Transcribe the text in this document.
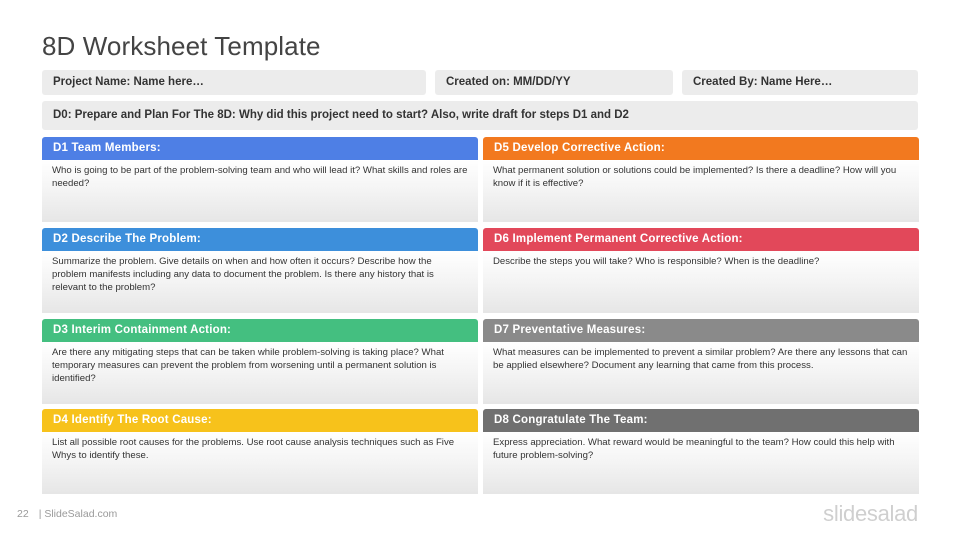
8D Worksheet Template
Project Name: Name here…	Created on: MM/DD/YY	Created By: Name Here…
D0: Prepare and Plan For The 8D: Why did this project need to start? Also, write draft for steps D1 and D2
D1 Team Members:
Who is going to be part of the problem-solving team and who will lead it? What skills and roles are needed?
D5 Develop Corrective Action:
What permanent solution or solutions could be implemented? Is there a deadline? How will you know if it is effective?
D2 Describe The Problem:
Summarize the problem. Give details on when and how often it occurs? Describe how the problem manifests including any data to document the problem. Is there any history that is relevant to the problem?
D6 Implement Permanent Corrective Action:
Describe the steps you will take? Who is responsible? When is the deadline?
D3 Interim Containment Action:
Are there any mitigating steps that can be taken while problem-solving is taking place? What temporary measures can prevent the problem from worsening until a permanent solution is identified?
D7 Preventative Measures:
What measures can be implemented to prevent a similar problem? Are there any lessons that can be applied elsewhere? Document any learning that came from this process.
D4 Identify The Root Cause:
List all possible root causes for the problems. Use root cause analysis techniques such as Five Whys to identify these.
D8 Congratulate The Team:
Express appreciation. What reward would be meaningful to the team? How could this help with future problem-solving?
22 | SlideSalad.com	slidesalad
